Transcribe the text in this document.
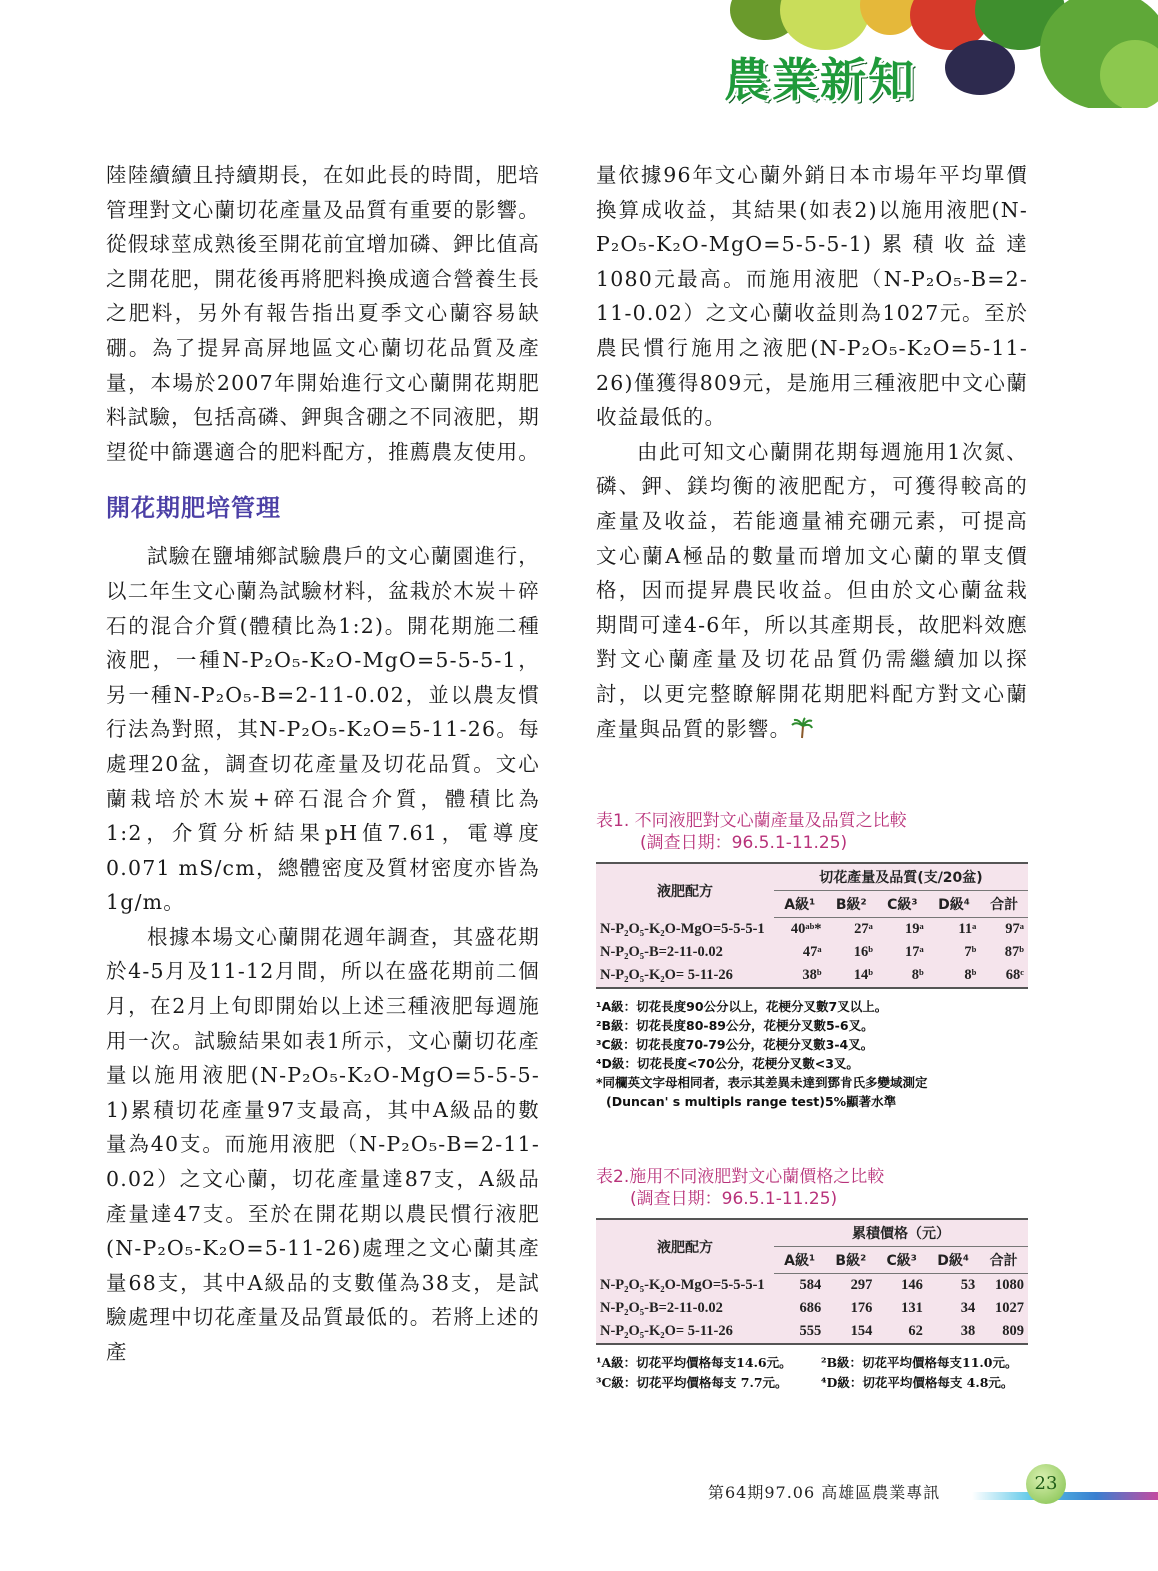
農業新知

陸陸續續且持續期長，在如此長的時間，肥培管理對文心蘭切花產量及品質有重要的影響。從假球莖成熟後至開花前宜增加磷、鉀比值高之開花肥，開花後再將肥料換成適合營養生長之肥料，另外有報告指出夏季文心蘭容易缺硼。為了提昇高屏地區文心蘭切花品質及產量，本場於2007年開始進行文心蘭開花期肥料試驗，包括高磷、鉀與含硼之不同液肥，期望從中篩選適合的肥料配方，推薦農友使用。

開花期肥培管理

試驗在鹽埔鄉試驗農戶的文心蘭園進行，以二年生文心蘭為試驗材料，盆栽於木炭＋碎石的混合介質(體積比為1:2)。開花期施二種液肥，一種N-P₂O₅-K₂O-MgO=5-5-5-1，另一種N-P₂O₅-B=2-11-0.02，並以農友慣行法為對照，其N-P₂O₅-K₂O=5-11-26。每處理20盆，調查切花產量及切花品質。文心蘭栽培於木炭+碎石混合介質，體積比為1:2，介質分析結果pH值7.61，電導度0.071 mS/cm，總體密度及質材密度亦皆為1g/m。

根據本場文心蘭開花週年調查，其盛花期於4-5月及11-12月間，所以在盛花期前二個月，在2月上旬即開始以上述三種液肥每週施用一次。試驗結果如表1所示，文心蘭切花產量以施用液肥(N-P₂O₅-K₂O-MgO=5-5-5-1)累積切花產量97支最高，其中A級品的數量為40支。而施用液肥（N-P₂O₅-B=2-11-0.02）之文心蘭，切花產量達87支，A級品產量達47支。至於在開花期以農民慣行液肥(N-P₂O₅-K₂O=5-11-26)處理之文心蘭其產量68支，其中A級品的支數僅為38支，是試驗處理中切花產量及品質最低的。若將上述的產

量依據96年文心蘭外銷日本市場年平均單價換算成收益，其結果(如表2)以施用液肥(N-P₂O₅-K₂O-MgO=5-5-5-1)累積收益達1080元最高。而施用液肥（N-P₂O₅-B=2-11-0.02）之文心蘭收益則為1027元。至於農民慣行施用之液肥(N-P₂O₅-K₂O=5-11-26)僅獲得809元，是施用三種液肥中文心蘭收益最低的。

由此可知文心蘭開花期每週施用1次氮、磷、鉀、鎂均衡的液肥配方，可獲得較高的產量及收益，若能適量補充硼元素，可提高文心蘭A極品的數量而增加文心蘭的單支價格，因而提昇農民收益。但由於文心蘭盆栽期間可達4-6年，所以其產期長，故肥料效應對文心蘭產量及切花品質仍需繼續加以探討，以更完整瞭解開花期肥料配方對文心蘭產量與品質的影響。

表1. 不同液肥對文心蘭產量及品質之比較
(調查日期：96.5.1-11.25)
液肥配方	切花產量及品質(支/20盆)				
	A級¹	B級²	C級³	D級⁴	合計
N-P₂O₅-K₂O-MgO=5-5-5-1	40ᵃᵇ*	27ᵃ	19ᵃ	11ᵃ	97ᵃ
N-P₂O₅-B=2-11-0.02	47ᵃ	16ᵇ	17ᵃ	7ᵇ	87ᵇ
N-P₂O₅-K₂O= 5-11-26	38ᵇ	14ᵇ	8ᵇ	8ᵇ	68ᶜ
¹A級：切花長度90公分以上，花梗分叉數7叉以上。
²B級：切花長度80-89公分，花梗分叉數5-6叉。
³C級：切花長度70-79公分，花梗分叉數3-4叉。
⁴D級：切花長度<70公分，花梗分叉數<3叉。
*同欄英文字母相同者，表示其差異未達到鄧肯氏多變域測定
(Duncan' s multipls range test)5%顯著水準
表2.施用不同液肥對文心蘭價格之比較
(調查日期：96.5.1-11.25)
液肥配方	累積價格（元）				
	A級¹	B級²	C級³	D級⁴	合計
N-P₂O₅-K₂O-MgO=5-5-5-1	584	297	146	53	1080
N-P₂O₅-B=2-11-0.02	686	176	131	34	1027
N-P₂O₅-K₂O= 5-11-26	555	154	62	38	809
¹A級：切花平均價格每支14.6元。	²B級：切花平均價格每支11.0元。
³C級：切花平均價格每支 7.7元。	⁴D級：切花平均價格每支 4.8元。
第64期97.06 高雄區農業專訊	23
